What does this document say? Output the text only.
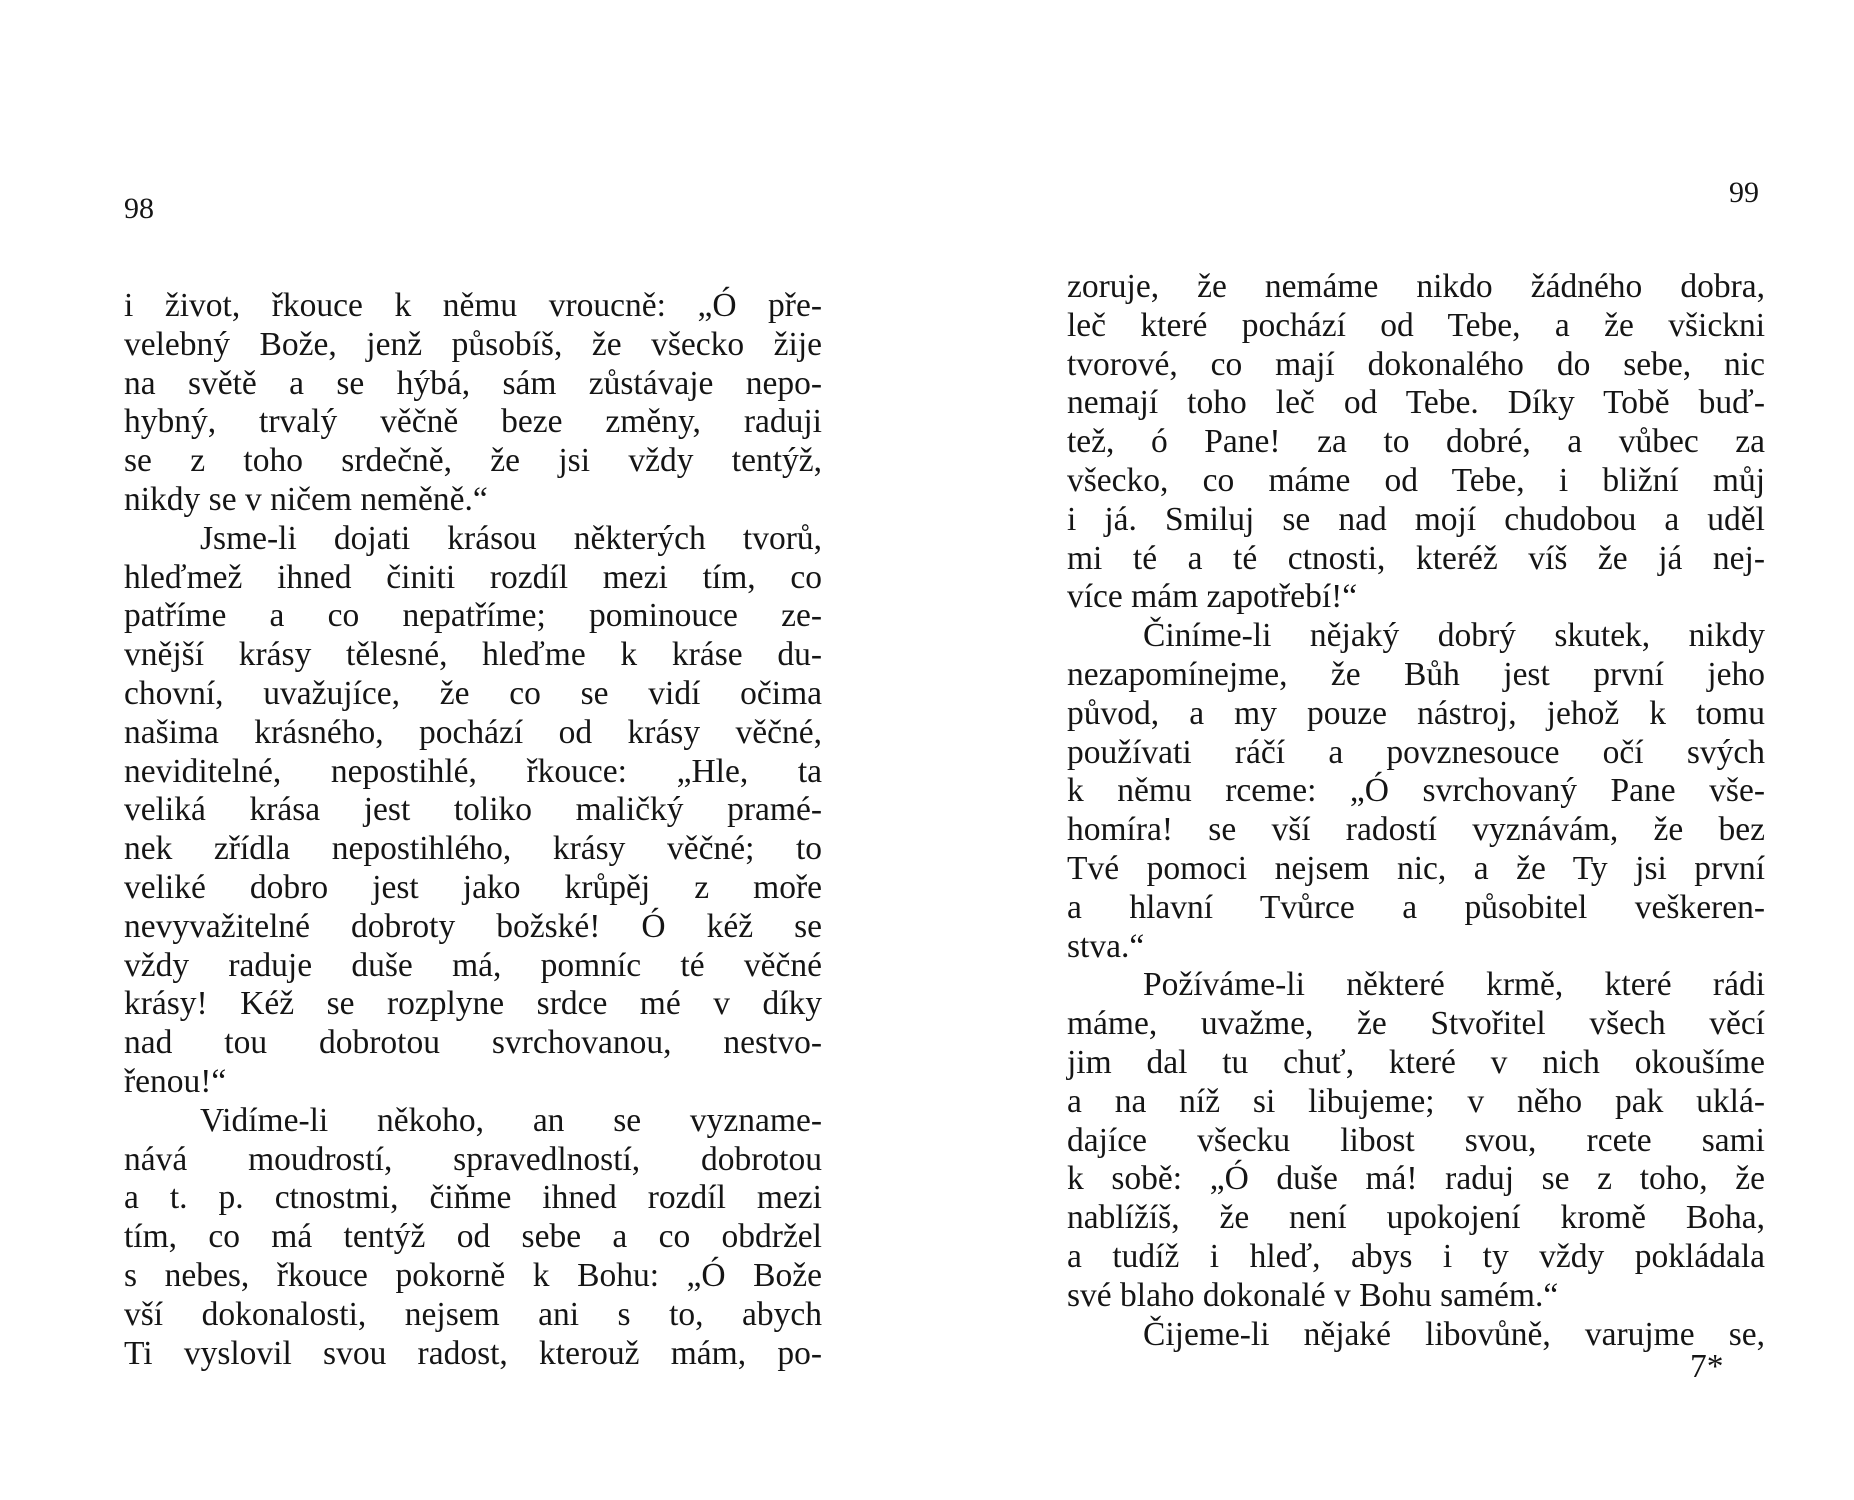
98
i život, řkouce k němu vroucně: „Ó pře-
velebný Bože, jenž působíš, že všecko žije
na světě a se hýbá, sám zůstávaje nepo-
hybný, trvalý věčně beze změny, raduji
se z toho srdečně, že jsi vždy tentýž,
nikdy se v ničem neměně.“
Jsme-li dojati krásou některých tvorů,
hleďmež ihned činiti rozdíl mezi tím, co
patříme a co nepatříme; pominouce ze-
vnější krásy tělesné, hleďme k kráse du-
chovní, uvažujíce, že co se vidí očima
našima krásného, pochází od krásy věčné,
neviditelné, nepostihlé, řkouce: „Hle, ta
veliká krása jest toliko maličký pramé-
nek zřídla nepostihlého, krásy věčné; to
veliké dobro jest jako krůpěj z moře
nevyvažitelné dobroty božské! Ó kéž se
vždy raduje duše má, pomníc té věčné
krásy! Kéž se rozplyne srdce mé v díky
nad tou dobrotou svrchovanou, nestvo-
řenou!“
Vidíme-li někoho, an se vyzname-
nává moudrostí, spravedlností, dobrotou
a t. p. ctnostmi, čiňme ihned rozdíl mezi
tím, co má tentýž od sebe a co obdržel
s nebes, řkouce pokorně k Bohu: „Ó Bože
vší dokonalosti, nejsem ani s to, abych
Ti vyslovil svou radost, kterouž mám, po-
99
zoruje, že nemáme nikdo žádného dobra,
leč které pochází od Tebe, a že všickni
tvorové, co mají dokonalého do sebe, nic
nemají toho leč od Tebe. Díky Tobě buď-
tež, ó Pane! za to dobré, a vůbec za
všecko, co máme od Tebe, i bližní můj
i já. Smiluj se nad mojí chudobou a uděl
mi té a té ctnosti, kteréž víš že já nej-
více mám zapotřebí!“
Činíme-li nějaký dobrý skutek, nikdy
nezapomínejme, že Bůh jest první jeho
původ, a my pouze nástroj, jehož k tomu
používati ráčí a povznesouce očí svých
k němu rceme: „Ó svrchovaný Pane vše-
homíra! se vší radostí vyznávám, že bez
Tvé pomoci nejsem nic, a že Ty jsi první
a hlavní Tvůrce a působitel veškeren-
stva.“
Požíváme-li některé krmě, které rádi
máme, uvažme, že Stvořitel všech věcí
jim dal tu chuť, které v nich okoušíme
a na níž si libujeme; v něho pak uklá-
dajíce všecku libost svou, rcete sami
k sobě: „Ó duše má! raduj se z toho, že
nablížíš, že není upokojení kromě Boha,
a tudíž i hleď, abys i ty vždy pokládala
své blaho dokonalé v Bohu samém.“
Čijeme-li nějaké libovůně, varujme se,
7*
